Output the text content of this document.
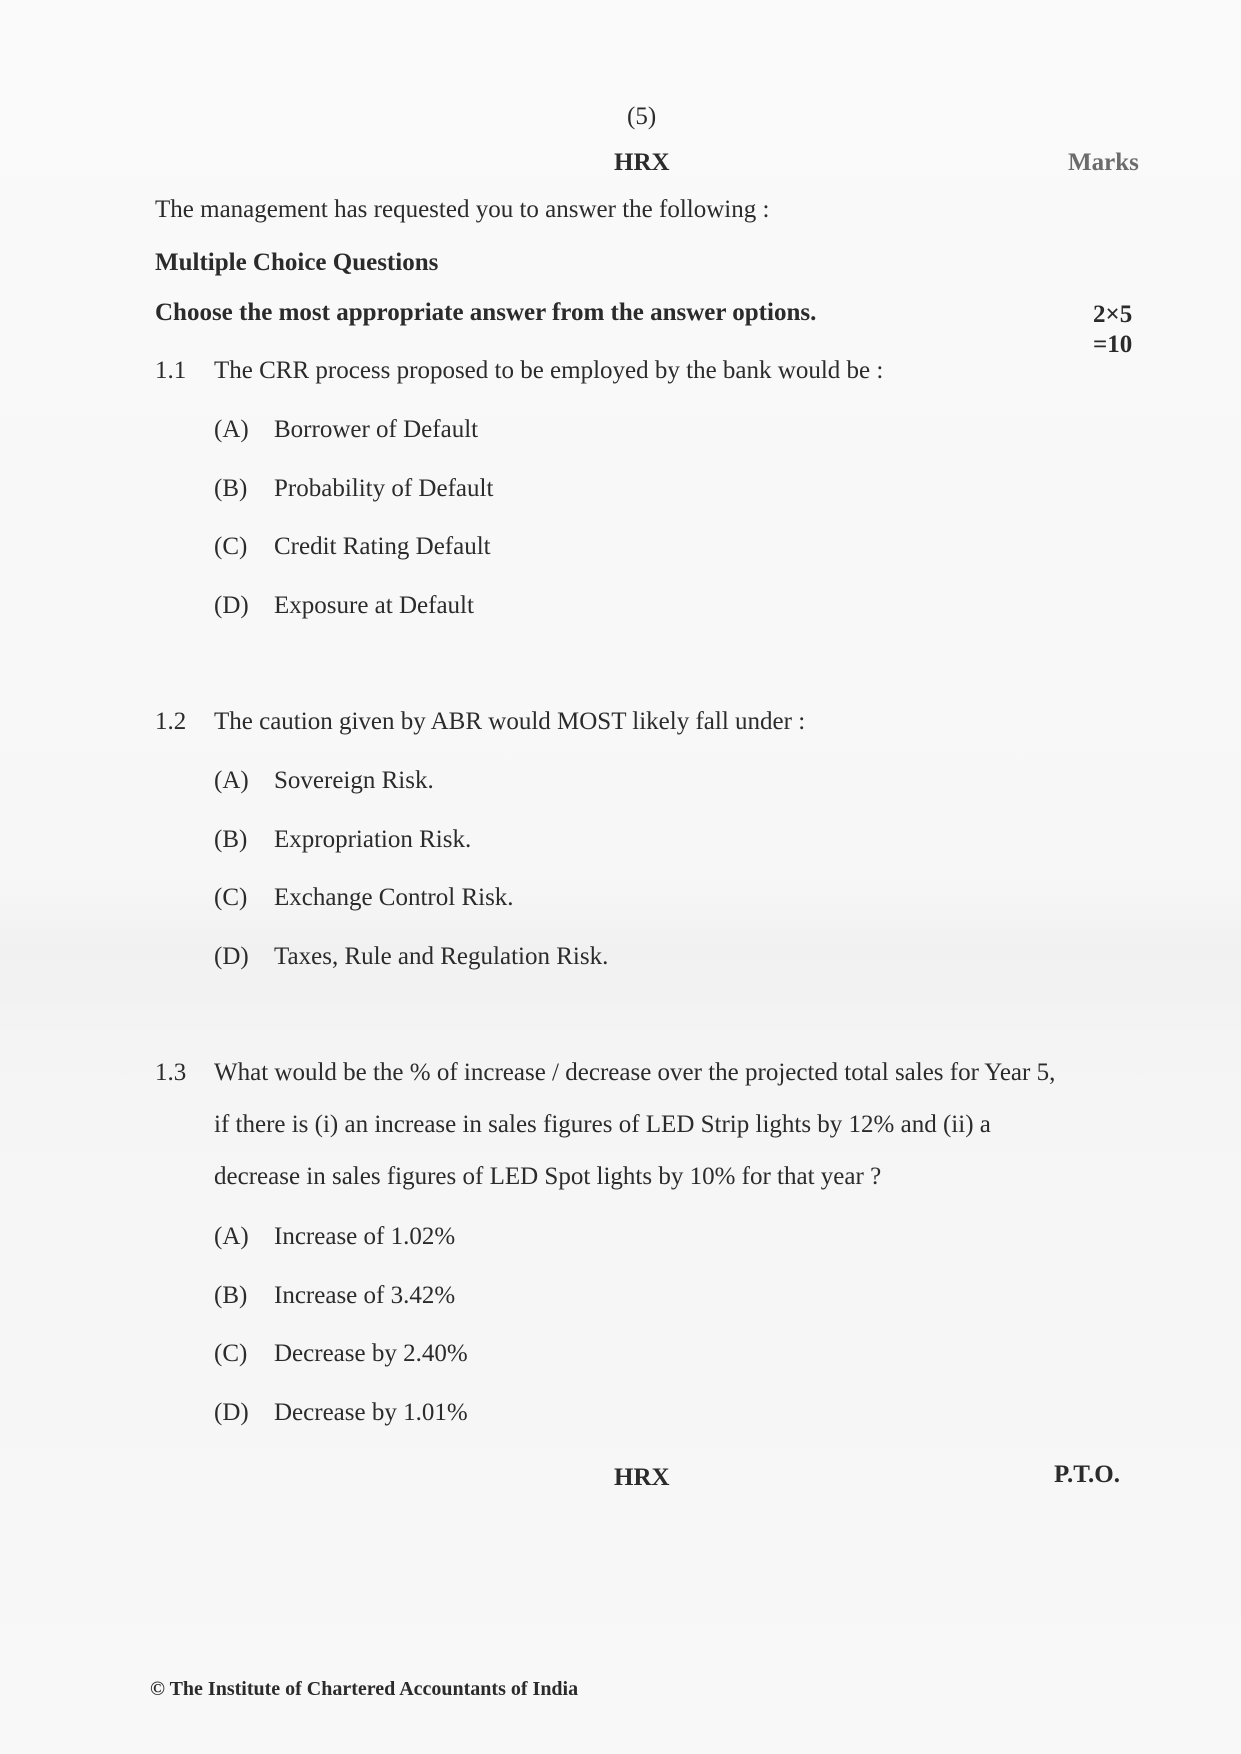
(5)
HRX	Marks
The management has requested you to answer the following :
Multiple Choice Questions
Choose the most appropriate answer from the answer options.	2×5
=10
1.1 The CRR process proposed to be employed by the bank would be :
(A) Borrower of Default
(B) Probability of Default
(C) Credit Rating Default
(D) Exposure at Default
1.2 The caution given by ABR would MOST likely fall under :
(A) Sovereign Risk.
(B) Expropriation Risk.
(C) Exchange Control Risk.
(D) Taxes, Rule and Regulation Risk.
1.3 What would be the % of increase / decrease over the projected total sales for Year 5, if there is (i) an increase in sales figures of LED Strip lights by 12% and (ii) a decrease in sales figures of LED Spot lights by 10% for that year ?
(A) Increase of 1.02%
(B) Increase of 3.42%
(C) Decrease by 2.40%
(D) Decrease by 1.01%
HRX	P.T.O.
© The Institute of Chartered Accountants of India
